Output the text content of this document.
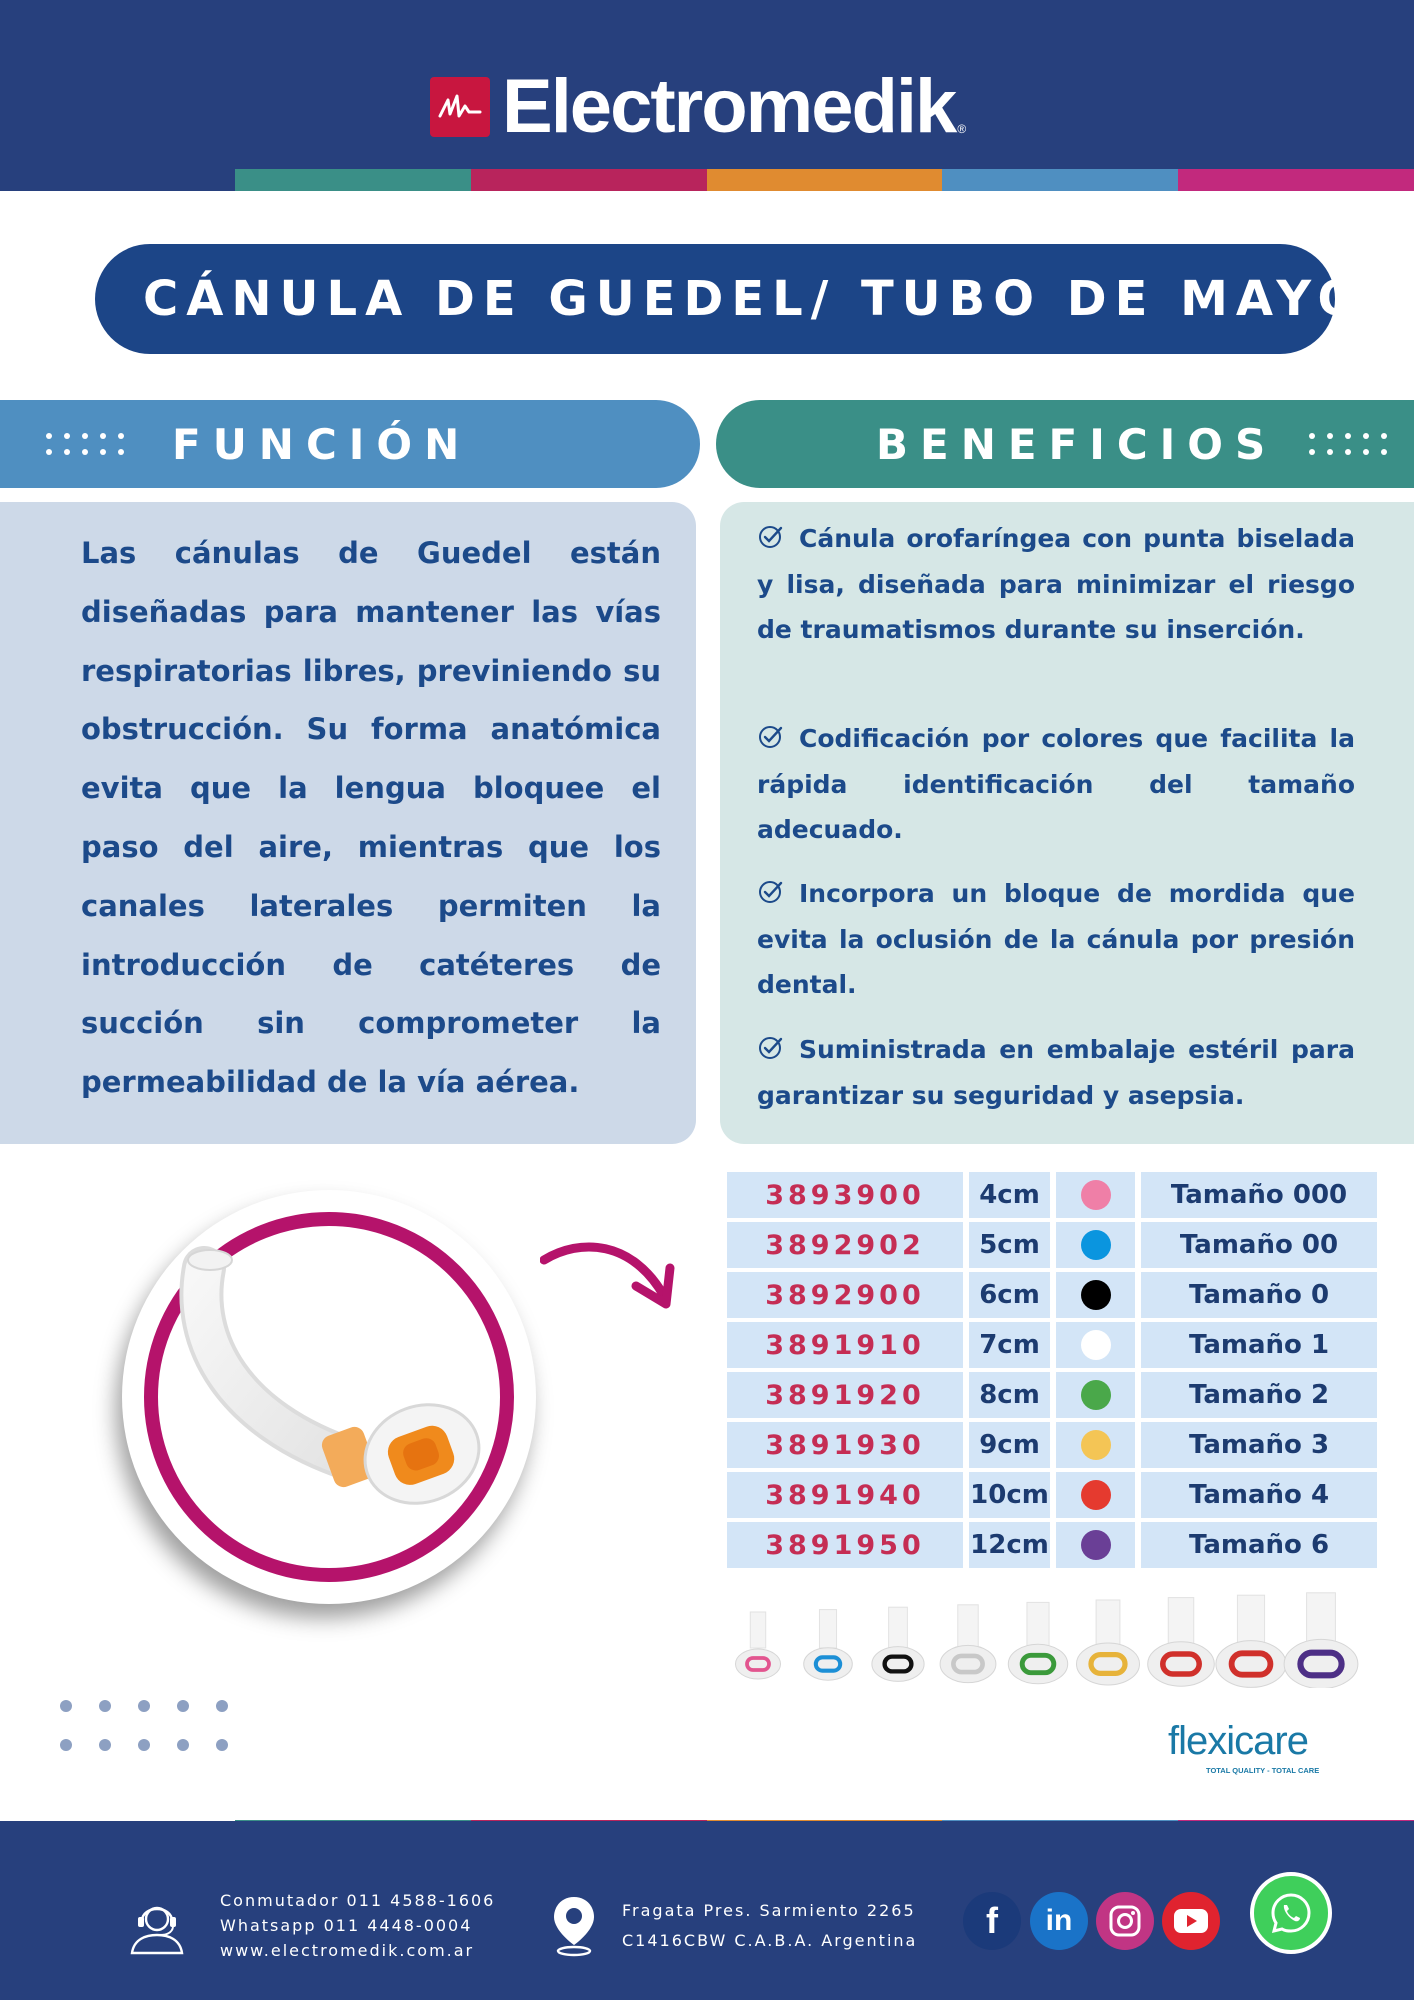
Electromedik ®
CÁNULA DE GUEDEL/ TUBO DE MAYO
FUNCIÓN	BENEFICIOS

Las cánulas de Guedel están diseñadas para mantener las vías respiratorias libres, previniendo su obstrucción. Su forma anatómica evita que la lengua bloquee el paso del aire, mientras que los canales laterales permiten la introducción de catéteres de succión sin comprometer la permeabilidad de la vía aérea.

Cánula orofaríngea con punta biselada y lisa, diseñada para minimizar el riesgo de traumatismos durante su inserción.
Codificación por colores que facilita la rápida identificación del tamaño adecuado.
Incorpora un bloque de mordida que evita la oclusión de la cánula por presión dental.
Suministrada en embalaje estéril para garantizar su seguridad y asepsia.
3893900	4cm	Tamaño 000
3892902	5cm	Tamaño 00
3892900	6cm	Tamaño 0
3891910	7cm	Tamaño 1
3891920	8cm	Tamaño 2
3891930	9cm	Tamaño 3
3891940	10cm	Tamaño 4
3891950	12cm	Tamaño 6
flexicare
TOTAL QUALITY - TOTAL CARE
Conmutador 011 4588-1606
Whatsapp 011 4448-0004
www.electromedik.com.ar
Fragata Pres. Sarmiento 2265
C1416CBW C.A.B.A. Argentina	f	in
